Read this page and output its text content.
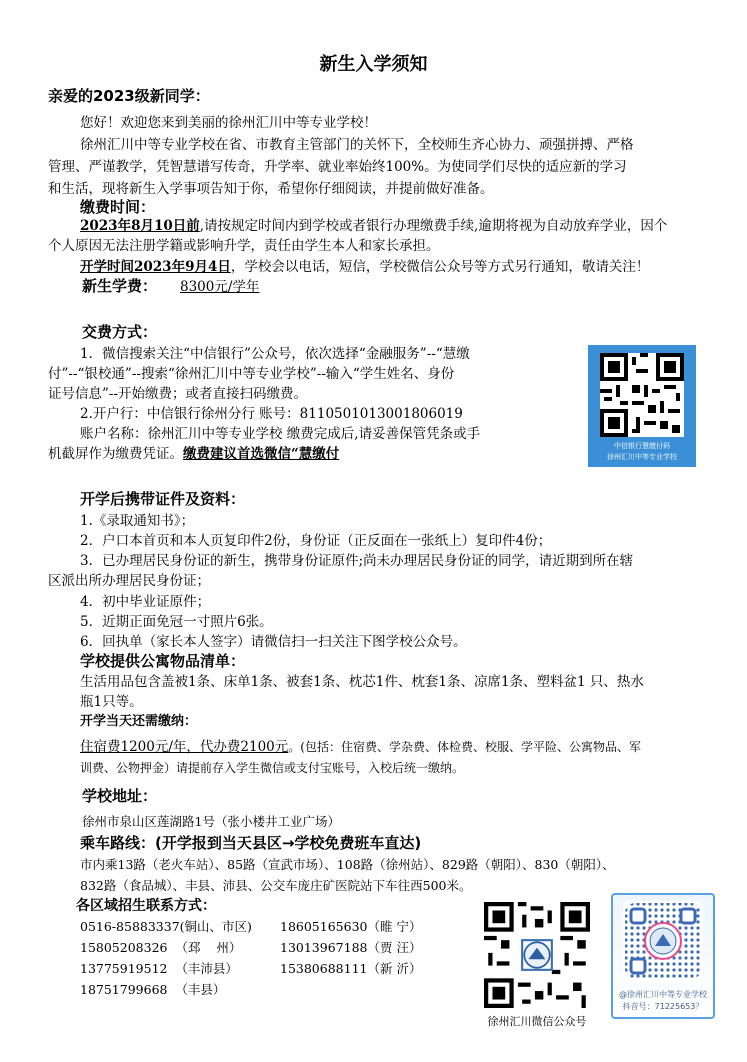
新生入学须知
亲爱的2023级新同学：
您好！欢迎您来到美丽的徐州汇川中等专业学校！
徐州汇川中等专业学校在省、市教育主管部门的关怀下，全校师生齐心协力、顽强拼搏、严格
管理、严谨教学，凭智慧谱写传奇，升学率、就业率始终100%。为使同学们尽快的适应新的学习
和生活，现将新生入学事项告知于你，希望你仔细阅读，并提前做好准备。
缴费时间：
2023年8月10日前,请按规定时间内到学校或者银行办理缴费手续,逾期将视为自动放弃学业，因个
个人原因无法注册学籍或影响升学，责任由学生本人和家长承担。
开学时间2023年9月4日，学校会以电话，短信，学校微信公众号等方式另行通知，敬请关注！
新生学费： 8300元/学年
交费方式：
1．微信搜索关注“中信银行”公众号，依次选择“金融服务”--“慧缴
付”--“银校通”--搜索“徐州汇川中等专业学校”--输入“学生姓名、身份
证号信息”--开始缴费；或者直接扫码缴费。
2.开户行：中信银行徐州分行 账号：8110501013001806019
账户名称：徐州汇川中等专业学校 缴费完成后,请妥善保管凭条或手
机截屏作为缴费凭证。缴费建议首选微信“慧缴付	中信银行慧缴付码
徐州汇川中等专业学校
开学后携带证件及资料：
1.《录取通知书》；
2．户口本首页和本人页复印件2份，身份证（正反面在一张纸上）复印件4份；
3．已办理居民身份证的新生，携带身份证原件;尚未办理居民身份证的同学，请近期到所在辖
区派出所办理居民身份证；
4．初中毕业证原件；
5．近期正面免冠一寸照片6张。
6．回执单（家长本人签字）请微信扫一扫关注下图学校公众号。
学校提供公寓物品清单：
生活用品包含盖被1条、床单1条、被套1条、枕芯1件、枕套1条、凉席1条、塑料盆1 只、热水
瓶1只等。
开学当天还需缴纳：
住宿费1200元/年，代办费2100元。(包括：住宿费、学杂费、体检费、校服、学平险、公寓物品、军
训费、公物押金）请提前存入学生微信或支付宝账号，入校后统一缴纳。
学校地址：
徐州市泉山区莲湖路1号（张小楼井工业广场）
乘车路线：(开学报到当天县区→学校免费班车直达)
市内乘13路（老火车站）、85路（宣武市场）、108路（徐州站）、829路（朝阳）、830（朝阳）、
832路（食品城）、丰县、沛县、公交车庞庄矿医院站下车往西500米。
各区域招生联系方式：
0516-85883337(铜山、市区) 18605165630（睢 宁）
15805208326  （邳    州）	13013967188（贾 汪）
13775919512  （丰沛县）	15380688111（新 沂）
18751799668  （丰县）
徐州汇川微信公众号
@徐州汇川中等专业学校
抖音号：71225653？
